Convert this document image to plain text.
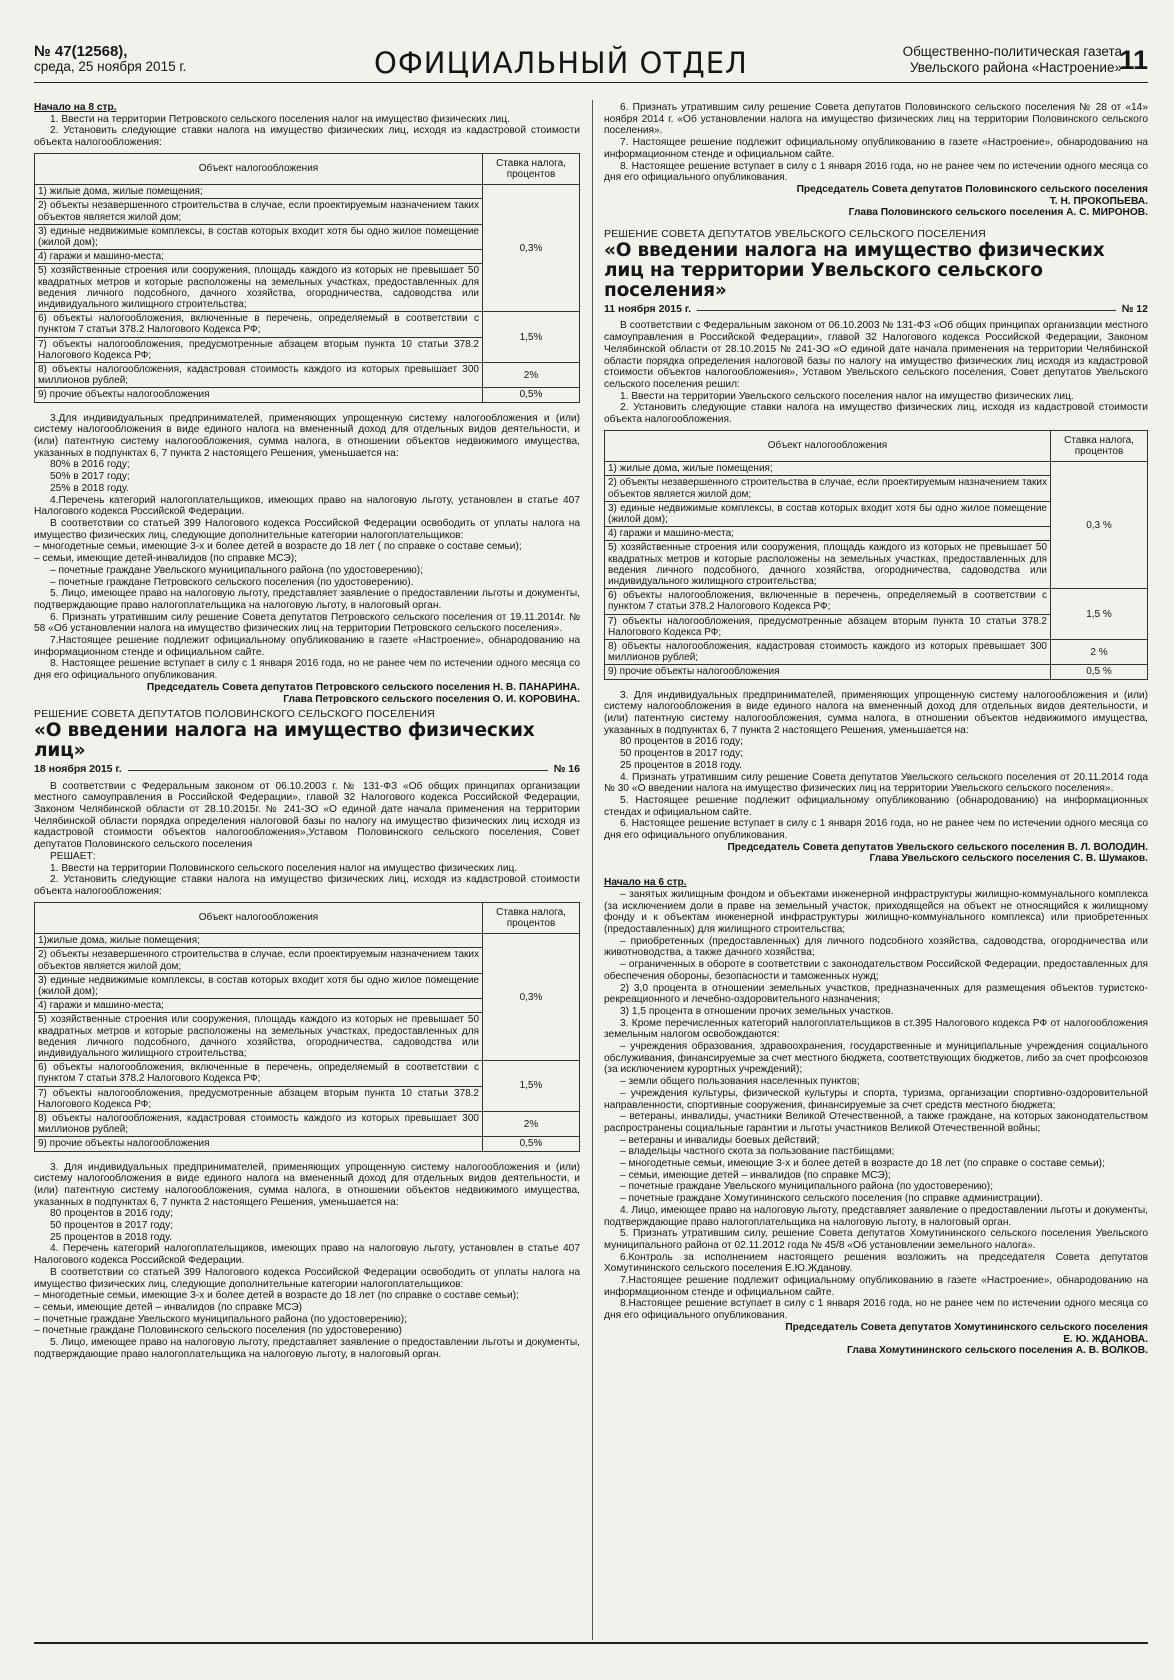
№ 47(12568),
среда, 25 ноября 2015 г.	ОФИЦИАЛЬНЫЙ ОТДЕЛ	Общественно-политическая газета
Увельского района «Настроение»
11

Начало на 8 стр.

1. Ввести на территории Петровского сельского поселения налог на имущество физических лиц.

2. Установить следующие ставки налога на имущество физических лиц, исходя из кадастровой стоимости объекта налогообложения:

Объект налогообложения	Ставка налога, процентов
1) жилые дома, жилые помещения;	0,3%
2) объекты незавершенного строительства в случае, если проектируемым назначением таких объектов является жилой дом;	
3) единые недвижимые комплексы, в состав которых входит хотя бы одно жилое помещение (жилой дом);	
4) гаражи и машино-места;	
5) хозяйственные строения или сооружения, площадь каждого из которых не превышает 50 квадратных метров и которые расположены на земельных участках, предоставленных для ведения личного подсобного, дачного хозяйства, огородничества, садоводства или индивидуального жилищного строительства;	
6) объекты налогообложения, включенные в перечень, определяемый в соответствии с пунктом 7 статьи 378.2 Налогового Кодекса РФ;	1,5%
7) объекты налогообложения, предусмотренные абзацем вторым пункта 10 статьи 378.2 Налогового Кодекса РФ;	
8) объекты налогообложения, кадастровая стоимость каждого из которых превышает 300 миллионов рублей;	2%
9) прочие объекты налогообложения	0,5%

3.Для индивидуальных предпринимателей, применяющих упрощенную систему налогообложения и (или) систему налогообложения в виде единого налога на вмененный доход для отдельных видов деятельности, и (или) патентную систему налогообложения, сумма налога, в отношении объектов недвижимого имущества, указанных в подпунктах 6, 7 пункта 2 настоящего Решения, уменьшается на:

80% в 2016 году;

50% в 2017 году;

25% в 2018 году.

4.Перечень категорий налогоплательщиков, имеющих право на налоговую льготу, установлен в статье 407 Налогового кодекса Российской Федерации.

В соответствии со статьей 399 Налогового кодекса Российской Федерации освободить от уплаты налога на имущество физических лиц, следующие дополнительные категории налогоплательщиков:

– многодетные семьи, имеющие 3-х и более детей в возрасте до 18 лет ( по справке о составе семьи);

– семьи, имеющие детей-инвалидов (по справке МСЭ);

– почетные граждане Увельского муниципального района (по удостоверению);

– почетные граждане Петровского сельского поселения (по удостоверению).

5. Лицо, имеющее право на налоговую льготу, представляет заявление о предоставлении льготы и документы, подтверждающие право налогоплательщика на налоговую льготу, в налоговый орган.

6. Признать утратившим силу решение Совета депутатов Петровского сельского поселения от 19.11.2014г. № 58 «Об установлении налога на имущество физических лиц на территории Петровского сельского поселения».

7.Настоящее решение подлежит официальному опубликованию в газете «Настроение», обнародованию на информационном стенде и официальном сайте.

8. Настоящее решение вступает в силу с 1 января 2016 года, но не ранее чем по истечении одного месяца со дня его официального опубликования.

Председатель Совета депутатов Петровского сельского поселения Н. В. ПАНАРИНА.

Глава Петровского сельского поселения О. И. КОРОВИНА.

РЕШЕНИЕ СОВЕТА ДЕПУТАТОВ ПОЛОВИНСКОГО СЕЛЬСКОГО ПОСЕЛЕНИЯ

«О введении налога на имущество физических лиц»

18 ноября 2015 г.	№ 16

В соответствии с Федеральным законом от 06.10.2003 г. № 131-ФЗ «Об общих принципах организации местного самоуправления в Российской Федерации», главой 32 Налогового кодекса Российской Федерации, Законом Челябинской области от 28.10.2015г. № 241-ЗО «О единой дате начала применения на территории Челябинской области порядка определения налоговой базы по налогу на имущество физических лиц исходя из кадастровой стоимости объектов налогообложения»,Уставом Половинского сельского поселения, Совет депутатов Половинского сельского поселения

РЕШАЕТ:

1. Ввести на территории Половинского сельского поселения налог на имущество физических лиц.

2. Установить следующие ставки налога на имущество физических лиц, исходя из кадастровой стоимости объекта налогообложения:

Объект налогообложения	Ставка налога, процентов
1)жилые дома, жилые помещения;	0,3%
2) объекты незавершенного строительства в случае, если проектируемым назначением таких объектов является жилой дом;	
3) единые недвижимые комплексы, в состав которых входит хотя бы одно жилое помещение (жилой дом);	
4) гаражи и машино-места;	
5) хозяйственные строения или сооружения, площадь каждого из которых не превышает 50 квадратных метров и которые расположены на земельных участках, предоставленных для ведения личного подсобного, дачного хозяйства, огородничества, садоводства или индивидуального жилищного строительства;	
6) объекты налогообложения, включенные в перечень, определяемый в соответствии с пунктом 7 статьи 378.2 Налогового Кодекса РФ;	1,5%
7) объекты налогообложения, предусмотренные абзацем вторым пункта 10 статьи 378.2 Налогового Кодекса РФ;	
8) объекты налогообложения, кадастровая стоимость каждого из которых превышает 300 миллионов рублей;	2%
9) прочие объекты налогообложения	0,5%

3. Для индивидуальных предпринимателей, применяющих упрощенную систему налогообложения и (или) систему налогообложения в виде единого налога на вмененный доход для отдельных видов деятельности, и (или) патентную систему налогообложения, сумма налога, в отношении объектов недвижимого имущества, указанных в подпунктах 6, 7 пункта 2 настоящего Решения, уменьшается на:

80 процентов в 2016 году;

50 процентов в 2017 году;

25 процентов в 2018 году.

4. Перечень категорий налогоплательщиков, имеющих право на налоговую льготу, установлен в статье 407 Налогового кодекса Российской Федерации.

В соответствии со статьей 399 Налогового кодекса Российской Федерации освободить от уплаты налога на имущество физических лиц, следующие дополнительные категории налогоплательщиков:

– многодетные семьи, имеющие 3-х и более детей в возрасте до 18 лет (по справке о составе семьи);

– семьи, имеющие детей – инвалидов (по справке МСЭ)

– почетные граждане Увельского муниципального района (по удостоверению);

– почетные граждане Половинского сельского поселения (по удостоверению)

5. Лицо, имеющее право на налоговую льготу, представляет заявление о предоставлении льготы и документы, подтверждающие право налогоплательщика на налоговую льготу, в налоговый орган.

6. Признать утратившим силу решение Совета депутатов Половинского сельского поселения № 28 от «14» ноября 2014 г. «Об установлении налога на имущество физических лиц на территории Половинского сельского поселения».

7. Настоящее решение подлежит официальному опубликованию в газете «Настроение», обнародованию на информационном стенде и официальном сайте.

8. Настоящее решение вступает в силу с 1 января 2016 года, но не ранее чем по истечении одного месяца со дня его официального опубликования.

Председатель Совета депутатов Половинского сельского поселения

Т. Н. ПРОКОПЬЕВА.

Глава Половинского сельского поселения А. С. МИРОНОВ.

РЕШЕНИЕ СОВЕТА ДЕПУТАТОВ УВЕЛЬСКОГО СЕЛЬСКОГО ПОСЕЛЕНИЯ

«О введении налога на имущество физических лиц на территории Увельского сельского поселения»

11 ноября 2015 г.	№ 12

В соответствии с Федеральным законом от 06.10.2003 № 131-ФЗ «Об общих принципах организации местного самоуправления в Российской Федерации», главой 32 Налогового кодекса Российской Федерации, Законом Челябинской области от 28.10.2015 № 241-ЗО «О единой дате начала применения на территории Челябинской области порядка определения налоговой базы по налогу на имущество физических лиц исходя из кадастровой стоимости объектов налогообложения», Уставом Увельского сельского поселения, Совет депутатов Увельского сельского поселения решил:

1. Ввести на территории Увельского сельского поселения налог на имущество физических лиц.

2. Установить следующие ставки налога на имущество физических лиц, исходя из кадастровой стоимости объекта налогообложения.

Объект налогообложения	Ставка налога, процентов
1) жилые дома, жилые помещения;	0,3 %
2) объекты незавершенного строительства в случае, если проектируемым назначением таких объектов является жилой дом;	
3) единые недвижимые комплексы, в состав которых входит хотя бы одно жилое помещение (жилой дом);	
4) гаражи и машино-места;	
5) хозяйственные строения или сооружения, площадь каждого из которых не превышает 50 квадратных метров и которые расположены на земельных участках, предоставленных для ведения личного подсобного, дачного хозяйства, огородничества, садоводства или индивидуального жилищного строительства;	
6) объекты налогообложения, включенные в перечень, определяемый в соответствии с пунктом 7 статьи 378.2 Налогового Кодекса РФ;	1,5 %
7) объекты налогообложения, предусмотренные абзацем вторым пункта 10 статьи 378.2 Налогового Кодекса РФ;	
8) объекты налогообложения, кадастровая стоимость каждого из которых превышает 300 миллионов рублей;	2 %
9) прочие объекты налогообложения	0,5 %

3. Для индивидуальных предпринимателей, применяющих упрощенную систему налогообложения и (или) систему налогообложения в виде единого налога на вмененный доход для отдельных видов деятельности, и (или) патентную систему налогообложения, сумма налога, в отношении объектов недвижимого имущества, указанных в подпунктах 6, 7 пункта 2 настоящего Решения, уменьшается на:

80 процентов в 2016 году;

50 процентов в 2017 году;

25 процентов в 2018 году.

4. Признать утратившим силу решение Совета депутатов Увельского сельского поселения от 20.11.2014 года № 30 «О введении налога на имущество физических лиц на территории Увельского сельского поселения».

5. Настоящее решение подлежит официальному опубликованию (обнародованию) на информационных стендах и официальном сайте.

6. Настоящее решение вступает в силу с 1 января 2016 года, но не ранее чем по истечении одного месяца со дня его официального опубликования.

Председатель Совета депутатов Увельского сельского поселения В. Л. ВОЛОДИН.

Глава Увельского сельского поселения С. В. Шумаков.

Начало на 6 стр.

– занятых жилищным фондом и объектами инженерной инфраструктуры жилищно-коммунального комплекса (за исключением доли в праве на земельный участок, приходящейся на объект не относящийся к жилищному фонду и к объектам инженерной инфраструктуры жилищно-коммунального комплекса) или приобретенных (предоставленных) для жилищного строительства;

– приобретенных (предоставленных) для личного подсобного хозяйства, садоводства, огородничества или животноводства, а также дачного хозяйства;

– ограниченных в обороте в соответствии с законодательством Российской Федерации, предоставленных для обеспечения обороны, безопасности и таможенных нужд;

2) 3,0 процента в отношении земельных участков, предназначенных для размещения объектов туристско-рекреационного и лечебно-оздоровительного назначения;

3) 1,5 процента в отношении прочих земельных участков.

3. Кроме перечисленных категорий налогоплательщиков в ст.395 Налогового кодекса РФ от налогообложения земельным налогом освобождаются:

– учреждения образования, здравоохранения, государственные и муниципальные учреждения социального обслуживания, финансируемые за счет местного бюджета, соответствующих бюджетов, либо за счет профсоюзов (за исключением курортных учреждений);

– земли общего пользования населенных пунктов;

– учреждения культуры, физической культуры и спорта, туризма, организации спортивно-оздоровительной направленности, спортивные сооружения, финансируемые за счет средств местного бюджета;

– ветераны, инвалиды, участники Великой Отечественной, а также граждане, на которых законодательством распространены социальные гарантии и льготы участников Великой Отечественной войны;

– ветераны и инвалиды боевых действий;

– владельцы частного скота за пользование пастбищами;

– многодетные семьи, имеющие 3-х и более детей в возрасте до 18 лет (по справке о составе семьи);

– семьи, имеющие детей – инвалидов (по справке МСЭ);

– почетные граждане Увельского муниципального района (по удостоверению);

– почетные граждане Хомутининского сельского поселения (по справке администрации).

4. Лицо, имеющее право на налоговую льготу, представляет заявление о предоставлении льготы и документы, подтверждающие право налогоплательщика на налоговую льготу, в налоговый орган.

5. Признать утратившим силу, решение Совета депутатов Хомутининского сельского поселения Увельского муниципального района от 02.11.2012 года № 45/8 «Об установлении земельного налога».

6.Контроль за исполнением настоящего решения возложить на председателя Совета депутатов Хомутининского сельского поселения Е.Ю.Жданову.

7.Настоящее решение подлежит официальному опубликованию в газете «Настроение», обнародованию на информационном стенде и официальном сайте.

8.Настоящее решение вступает в силу с 1 января 2016 года, но не ранее чем по истечении одного месяца со дня его официального опубликования.

Председатель Совета депутатов Хомутининского сельского поселения

Е. Ю. ЖДАНОВА.

Глава Хомутининского сельского поселения А. В. ВОЛКОВ.
